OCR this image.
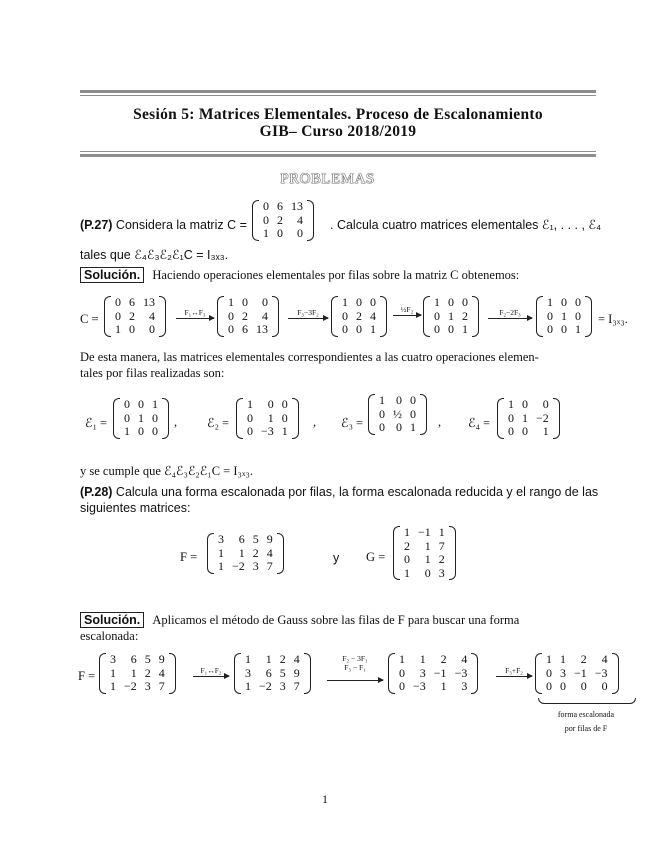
Sesión 5: Matrices Elementales. Proceso de Escalonamiento
GIB– Curso 2018/2019
PROBLEMAS
(P.27) Considera la matriz C =
0	6	13
0	2	4
1	0	0
. Calcula cuatro matrices elementales ℰ₁, . . . , ℰ₄
tales que ℰ₄ℰ₃ℰ₂ℰ₁C = I₃ₓ₃.
Solución. Haciendo operaciones elementales por filas sobre la matriz C obtenemos:
C =
0	6	13
0	2	4
1	0	0
F₁↔F₃
1	0	0
0	2	4
0	6	13
F₃−3F₂
1	0	0
0	2	4
0	0	1
½F₂
1	0	0
0	1	2
0	0	1
F₂−2F₃
1	0	0
0	1	0
0	0	1
= I₃ₓ₃.
De esta manera, las matrices elementales correspondientes a las cuatro operaciones elemen-
tales por filas realizadas son:
ℰ₁ =
0	0	1
0	1	0
1	0	0
, ℰ₂ =
1	0	0
0	1	0
0	−3	1
, ℰ₃ =
1	0	0
0	½	0
0	0	1 , ℰ₄ =
1	0	0
0	1	−2
0	0	1
y se cumple que ℰ₄ℰ₃ℰ₂ℰ₁C = I₃ₓ₃.
(P.28) Calcula una forma escalonada por filas, la forma escalonada reducida y el rango de las
siguientes matrices:
F =
3	6	5	9
1	1	2	4
1	−2	3	7
y G =
1	−1	1
2	1	7
0	1	2
1	0	3
Solución. Aplicamos el método de Gauss sobre las filas de F para buscar una forma
escalonada:
F =
3	6	5	9
1	1	2	4
1	−2	3	7
F₁↔F₂
1	1	2	4
3	6	5	9
1	−2	3	7
F₂ − 3F₁
F₃ − F₁
1	1	2	4
0	3	−1	−3
0	−3	1	3
F₃+F₂
1	1	2	4
0	3	−1	−3
0	0	0	0
forma escalonada
por filas de F
1
